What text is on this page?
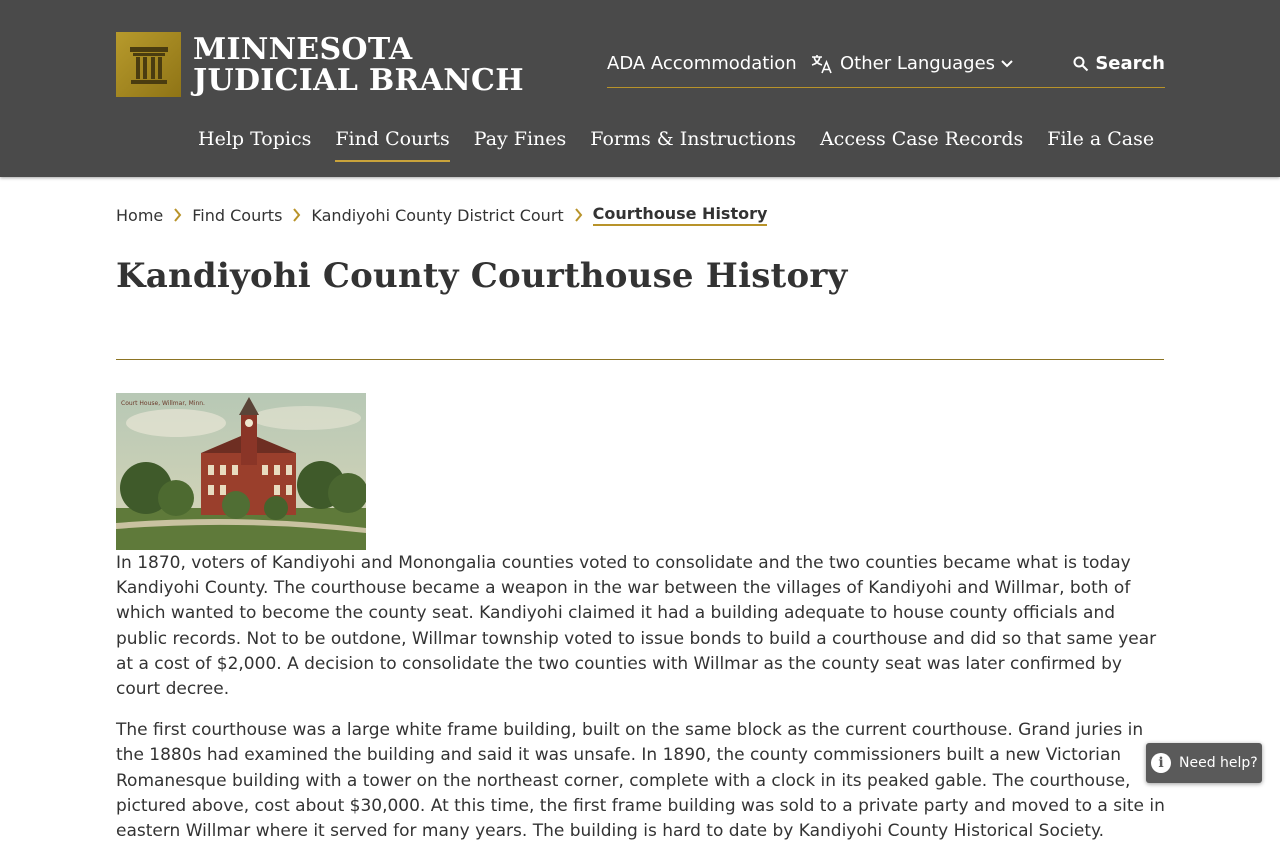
MINNESOTA
JUDICIAL BRANCH	ADA Accommodation Other Languages	Search
Help Topics Find Courts Pay Fines Forms & Instructions Access Case Records File a Case
Home Find Courts Kandiyohi County District Court Courthouse History
Kandiyohi County Courthouse History
Court House, Willmar, Minn.

In 1870, voters of Kandiyohi and Monongalia counties voted to consolidate and the two counties became what is today Kandiyohi County. The courthouse became a weapon in the war between the villages of Kandiyohi and Willmar, both of which wanted to become the county seat. Kandiyohi claimed it had a building adequate to house county officials and public records. Not to be outdone, Willmar township voted to issue bonds to build a courthouse and did so that same year at a cost of $2,000. A decision to consolidate the two counties with Willmar as the county seat was later confirmed by court decree.

The first courthouse was a large white frame building, built on the same block as the current courthouse. Grand juries in the 1880s had examined the building and said it was unsafe. In 1890, the county commissioners built a new Victorian Romanesque building with a tower on the northeast corner, complete with a clock in its peaked gable. The courthouse, pictured above, cost about $30,000. At this time, the first frame building was sold to a private party and moved to a site in eastern Willmar where it served for many years. The building is hard to date by Kandiyohi County Historical Society.

i	Need help?
